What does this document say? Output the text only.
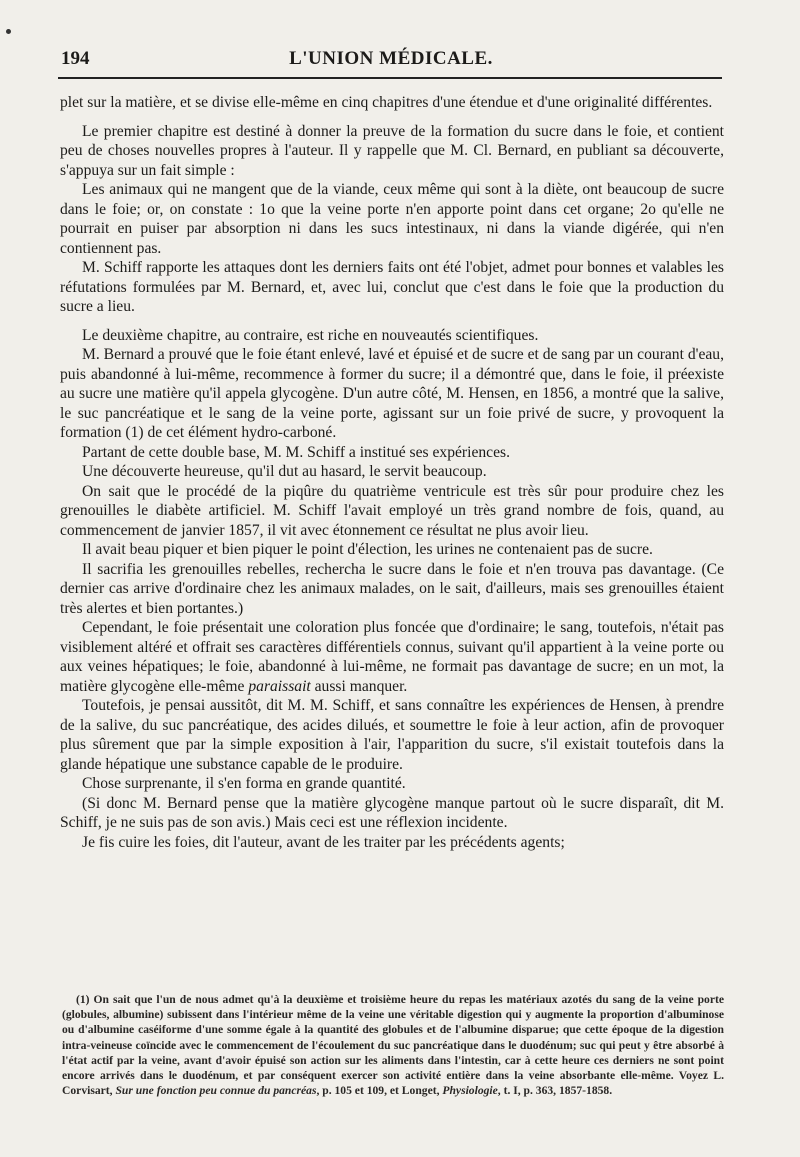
194	L'UNION MÉDICALE.

plet sur la matière, et se divise elle-même en cinq chapitres d'une étendue et d'une originalité différentes.

Le premier chapitre est destiné à donner la preuve de la formation du sucre dans le foie, et contient peu de choses nouvelles propres à l'auteur. Il y rappelle que M. Cl. Bernard, en publiant sa découverte, s'appuya sur un fait simple :

Les animaux qui ne mangent que de la viande, ceux même qui sont à la diète, ont beaucoup de sucre dans le foie; or, on constate : 1o que la veine porte n'en apporte point dans cet organe; 2o qu'elle ne pourrait en puiser par absorption ni dans les sucs intestinaux, ni dans la viande digérée, qui n'en contiennent pas.

M. Schiff rapporte les attaques dont les derniers faits ont été l'objet, admet pour bonnes et valables les réfutations formulées par M. Bernard, et, avec lui, conclut que c'est dans le foie que la production du sucre a lieu.

Le deuxième chapitre, au contraire, est riche en nouveautés scientifiques.

M. Bernard a prouvé que le foie étant enlevé, lavé et épuisé et de sucre et de sang par un courant d'eau, puis abandonné à lui-même, recommence à former du sucre; il a démontré que, dans le foie, il préexiste au sucre une matière qu'il appela glycogène. D'un autre côté, M. Hensen, en 1856, a montré que la salive, le suc pancréatique et le sang de la veine porte, agissant sur un foie privé de sucre, y provoquent la formation (1) de cet élément hydro-carboné.

Partant de cette double base, M. M. Schiff a institué ses expériences.

Une découverte heureuse, qu'il dut au hasard, le servit beaucoup.

On sait que le procédé de la piqûre du quatrième ventricule est très sûr pour produire chez les grenouilles le diabète artificiel. M. Schiff l'avait employé un très grand nombre de fois, quand, au commencement de janvier 1857, il vit avec étonnement ce résultat ne plus avoir lieu.

Il avait beau piquer et bien piquer le point d'élection, les urines ne contenaient pas de sucre.

Il sacrifia les grenouilles rebelles, rechercha le sucre dans le foie et n'en trouva pas davantage. (Ce dernier cas arrive d'ordinaire chez les animaux malades, on le sait, d'ailleurs, mais ses grenouilles étaient très alertes et bien portantes.)

Cependant, le foie présentait une coloration plus foncée que d'ordinaire; le sang, toutefois, n'était pas visiblement altéré et offrait ses caractères différentiels connus, suivant qu'il appartient à la veine porte ou aux veines hépatiques; le foie, abandonné à lui-même, ne formait pas davantage de sucre; en un mot, la matière glycogène elle-même paraissait aussi manquer.

Toutefois, je pensai aussitôt, dit M. M. Schiff, et sans connaître les expériences de Hensen, à prendre de la salive, du suc pancréatique, des acides dilués, et soumettre le foie à leur action, afin de provoquer plus sûrement que par la simple exposition à l'air, l'apparition du sucre, s'il existait toutefois dans la glande hépatique une substance capable de le produire.

Chose surprenante, il s'en forma en grande quantité.

(Si donc M. Bernard pense que la matière glycogène manque partout où le sucre disparaît, dit M. Schiff, je ne suis pas de son avis.) Mais ceci est une réflexion incidente.

Je fis cuire les foies, dit l'auteur, avant de les traiter par les précédents agents;

(1) On sait que l'un de nous admet qu'à la deuxième et troisième heure du repas les matériaux azotés du sang de la veine porte (globules, albumine) subissent dans l'intérieur même de la veine une véritable digestion qui y augmente la proportion d'albuminose ou d'albumine caséiforme d'une somme égale à la quantité des globules et de l'albumine disparue; que cette époque de la digestion intra-veineuse coïncide avec le commencement de l'écoulement du suc pancréatique dans le duodénum; suc qui peut y être absorbé à l'état actif par la veine, avant d'avoir épuisé son action sur les aliments dans l'intestin, car à cette heure ces derniers ne sont point encore arrivés dans le duodénum, et par conséquent exercer son activité entière dans la veine absorbante elle-même. Voyez L. Corvisart, Sur une fonction peu connue du pancréas, p. 105 et 109, et Longet, Physiologie, t. I, p. 363, 1857-1858.
